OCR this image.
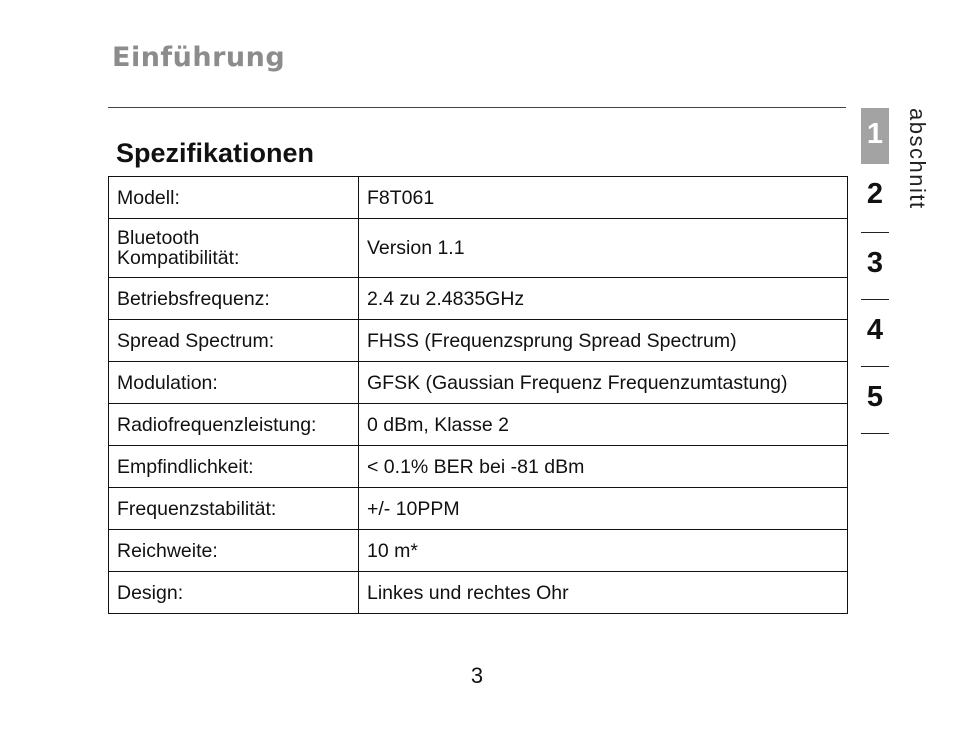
Einführung
Spezifikationen
Modell:	F8T061
Bluetooth
Kompatibilität:	Version 1.1
Betriebsfrequenz:	2.4 zu 2.4835GHz
Spread Spectrum:	FHSS (Frequenzsprung Spread Spectrum)
Modulation:	GFSK (Gaussian Frequenz Frequenzumtastung)
Radiofrequenzleistung:	0 dBm, Klasse 2
Empfindlichkeit:	< 0.1% BER bei -81 dBm
Frequenzstabilität:	+/- 10PPM
Reichweite:	10 m*
Design:	Linkes und rechtes Ohr
1
2
3
4
5
abschnitt
3
